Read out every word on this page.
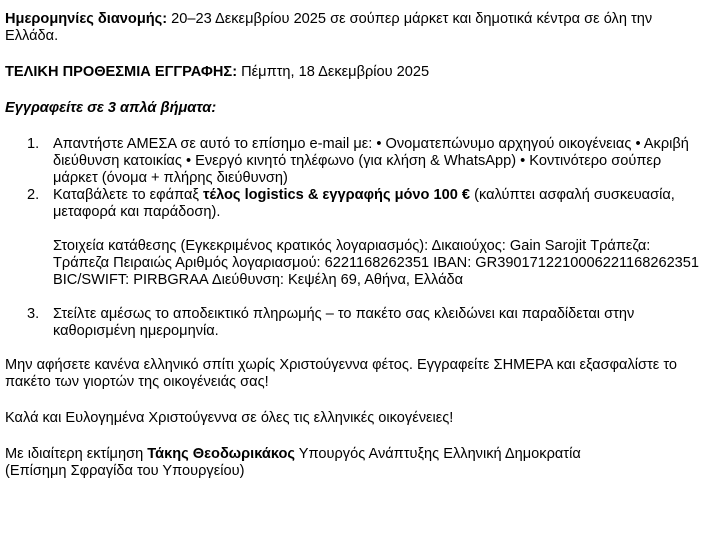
Ημερομηνίες διανομής: 20–23 Δεκεμβρίου 2025 σε σούπερ μάρκετ και δημοτικά κέντρα σε όλη την Ελλάδα.

ΤΕΛΙΚΗ ΠΡΟΘΕΣΜΙΑ ΕΓΓΡΑΦΗΣ: Πέμπτη, 18 Δεκεμβρίου 2025

Εγγραφείτε σε 3 απλά βήματα:

1. Απαντήστε ΑΜΕΣΑ σε αυτό το επίσημο e-mail με: • Ονοματεπώνυμο αρχηγού οικογένειας • Ακριβή διεύθυνση κατοικίας • Ενεργό κινητό τηλέφωνο (για κλήση & WhatsApp) • Κοντινότερο σούπερ μάρκετ (όνομα + πλήρης διεύθυνση)
2. Καταβάλετε το εφάπαξ τέλος logistics & εγγραφής μόνο 100 € (καλύπτει ασφαλή συσκευασία, μεταφορά και παράδοση).

Στοιχεία κατάθεσης (Εγκεκριμένος κρατικός λογαριασμός): Δικαιούχος: Gain Sarojit Τράπεζα: Τράπεζα Πειραιώς Αριθμός λογαριασμού: 6221168262351 IBAN: GR3901712210006221168262351 BIC/SWIFT: PIRBGRAA Διεύθυνση: Κεψέλη 69, Αθήνα, Ελλάδα

3. Στείλτε αμέσως το αποδεικτικό πληρωμής – το πακέτο σας κλειδώνει και παραδίδεται στην καθορισμένη ημερομηνία.

Μην αφήσετε κανένα ελληνικό σπίτι χωρίς Χριστούγεννα φέτος. Εγγραφείτε ΣΗΜΕΡΑ και εξασφαλίστε το πακέτο των γιορτών της οικογένειάς σας!

Καλά και Ευλογημένα Χριστούγεννα σε όλες τις ελληνικές οικογένειες!

Με ιδιαίτερη εκτίμηση Τάκης Θεοδωρικάκος Υπουργός Ανάπτυξης Ελληνική Δημοκρατία
(Επίσημη Σφραγίδα του Υπουργείου)
